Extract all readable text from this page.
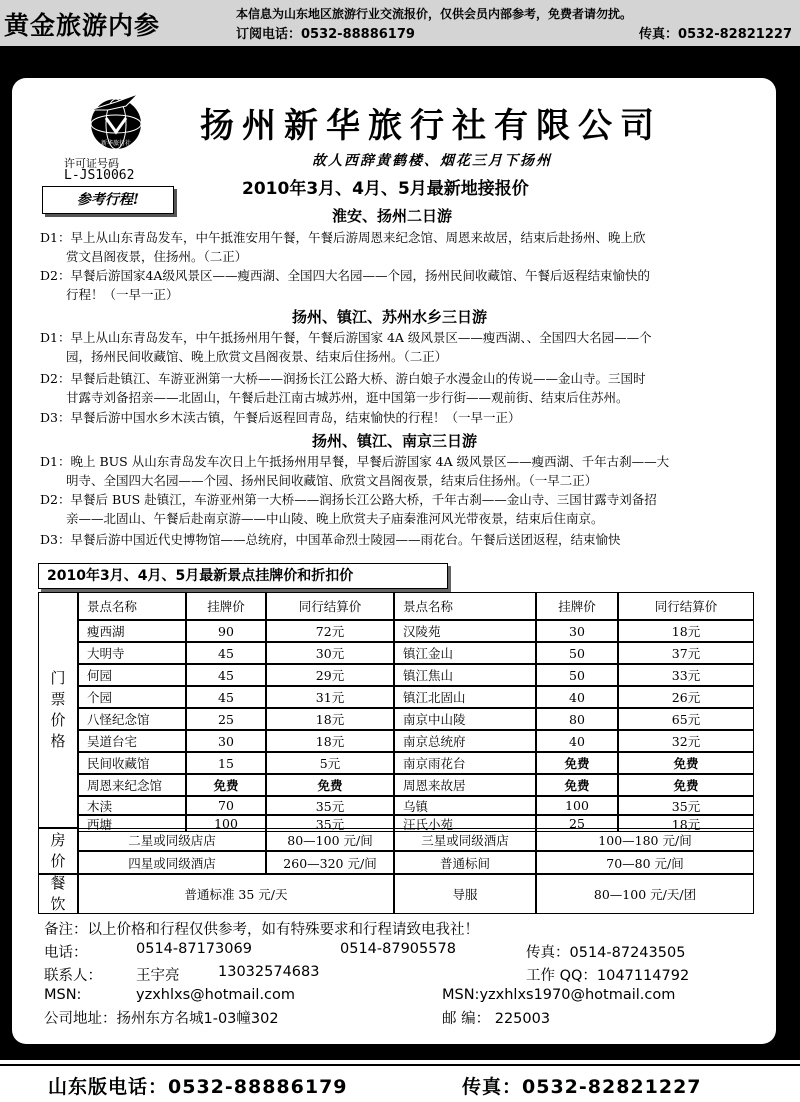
黄金旅游内参	本信息为山东地区旅游行业交流报价，仅供会员内部参考，免费者请勿扰。
订阅电话：0532-88886179	传真：0532-82821227
新华旅行社
许可证号码
L-JS10062
参考行程!
扬州新华旅行社有限公司
故人西辞黄鹤楼、烟花三月下扬州
2010年3月、4月、5月最新地接报价
淮安、扬州二日游
D1：早上从山东青岛发车，中午抵淮安用午餐，午餐后游周恩来纪念馆、周恩来故居，结束后赴扬州、晚上欣
赏文昌阁夜景，住扬州。（二正）
D2：早餐后游国家4A级风景区——瘦西湖、全国四大名园——个园，扬州民间收藏馆、午餐后返程结束愉快的
行程！（一早一正）
扬州、镇江、苏州水乡三日游
D1：早上从山东青岛发车，中午抵扬州用午餐，午餐后游国家 4A 级风景区——瘦西湖、、全国四大名园——个
园，扬州民间收藏馆、晚上欣赏文昌阁夜景、结束后住扬州。（二正）
D2：早餐后赴镇江、车游亚洲第一大桥——润扬长江公路大桥、游白娘子水漫金山的传说——金山寺。三国时
甘露寺刘备招亲——北固山，午餐后赴江南古城苏州，逛中国第一步行街——观前街、结束后住苏州。
D3：早餐后游中国水乡木渎古镇，午餐后返程回青岛，结束愉快的行程！（一早一正）
扬州、镇江、南京三日游
D1：晚上 BUS 从山东青岛发车次日上午抵扬州用早餐，早餐后游国家 4A 级风景区——瘦西湖、千年古刹——大
明寺、全国四大名园——个园、扬州民间收藏馆、欣赏文昌阁夜景，结束后住扬州。（一早二正）
D2：早餐后 BUS 赴镇江，车游亚州第一大桥——润扬长江公路大桥，千年古刹——金山寺、三国甘露寺刘备招
亲——北固山、午餐后赴南京游——中山陵、晚上欣赏夫子庙秦淮河风光带夜景，结束后住南京。
D3：早餐后游中国近代史博物馆——总统府，中国革命烈士陵园——雨花台。午餐后送团返程，结束愉快
2010年3月、4月、5月最新景点挂牌价和折扣价
门
票
价
格
景点名称	挂牌价	同行结算价	景点名称	挂牌价	同行结算价
瘦西湖	90	72元	汉陵苑	30	18元
大明寺	45	30元	镇江金山	50	37元
何园	45	29元	镇江焦山	50	33元
个园	45	31元	镇江北固山	40	26元
八怪纪念馆	25	18元	南京中山陵	80	65元
吴道台宅	30	18元	南京总统府	40	32元
民间收藏馆	15	5元	南京雨花台	免费	免费
周恩来纪念馆	免费	免费	周恩来故居	免费	免费
木渎	70	35元	乌镇	100	35元
西塘	100	35元	汪氏小苑	25	18元
房
价
二星或同级店店	80—100 元/间	三星或同级酒店	100—180 元/间
四星或同级酒店	260—320 元/间	普通标间	70—80 元/间
餐
饮
普通标准 35 元/天	导服	80—100 元/天/团
备注：以上价格和行程仅供参考，如有特殊要求和行程请致电我社！
电话：	0514-87173069	0514-87905578	传真：0514-87243505
联系人： 王宇亮	13032574683	工作 QQ：1047114792
MSN:	yzxhlxs@hotmail.com	MSN:yzxhlxs1970@hotmail.com
公司地址：扬州东方名城1-03幢302	邮 编： 225003
山东版电话：0532-88886179	传真：0532-82821227
